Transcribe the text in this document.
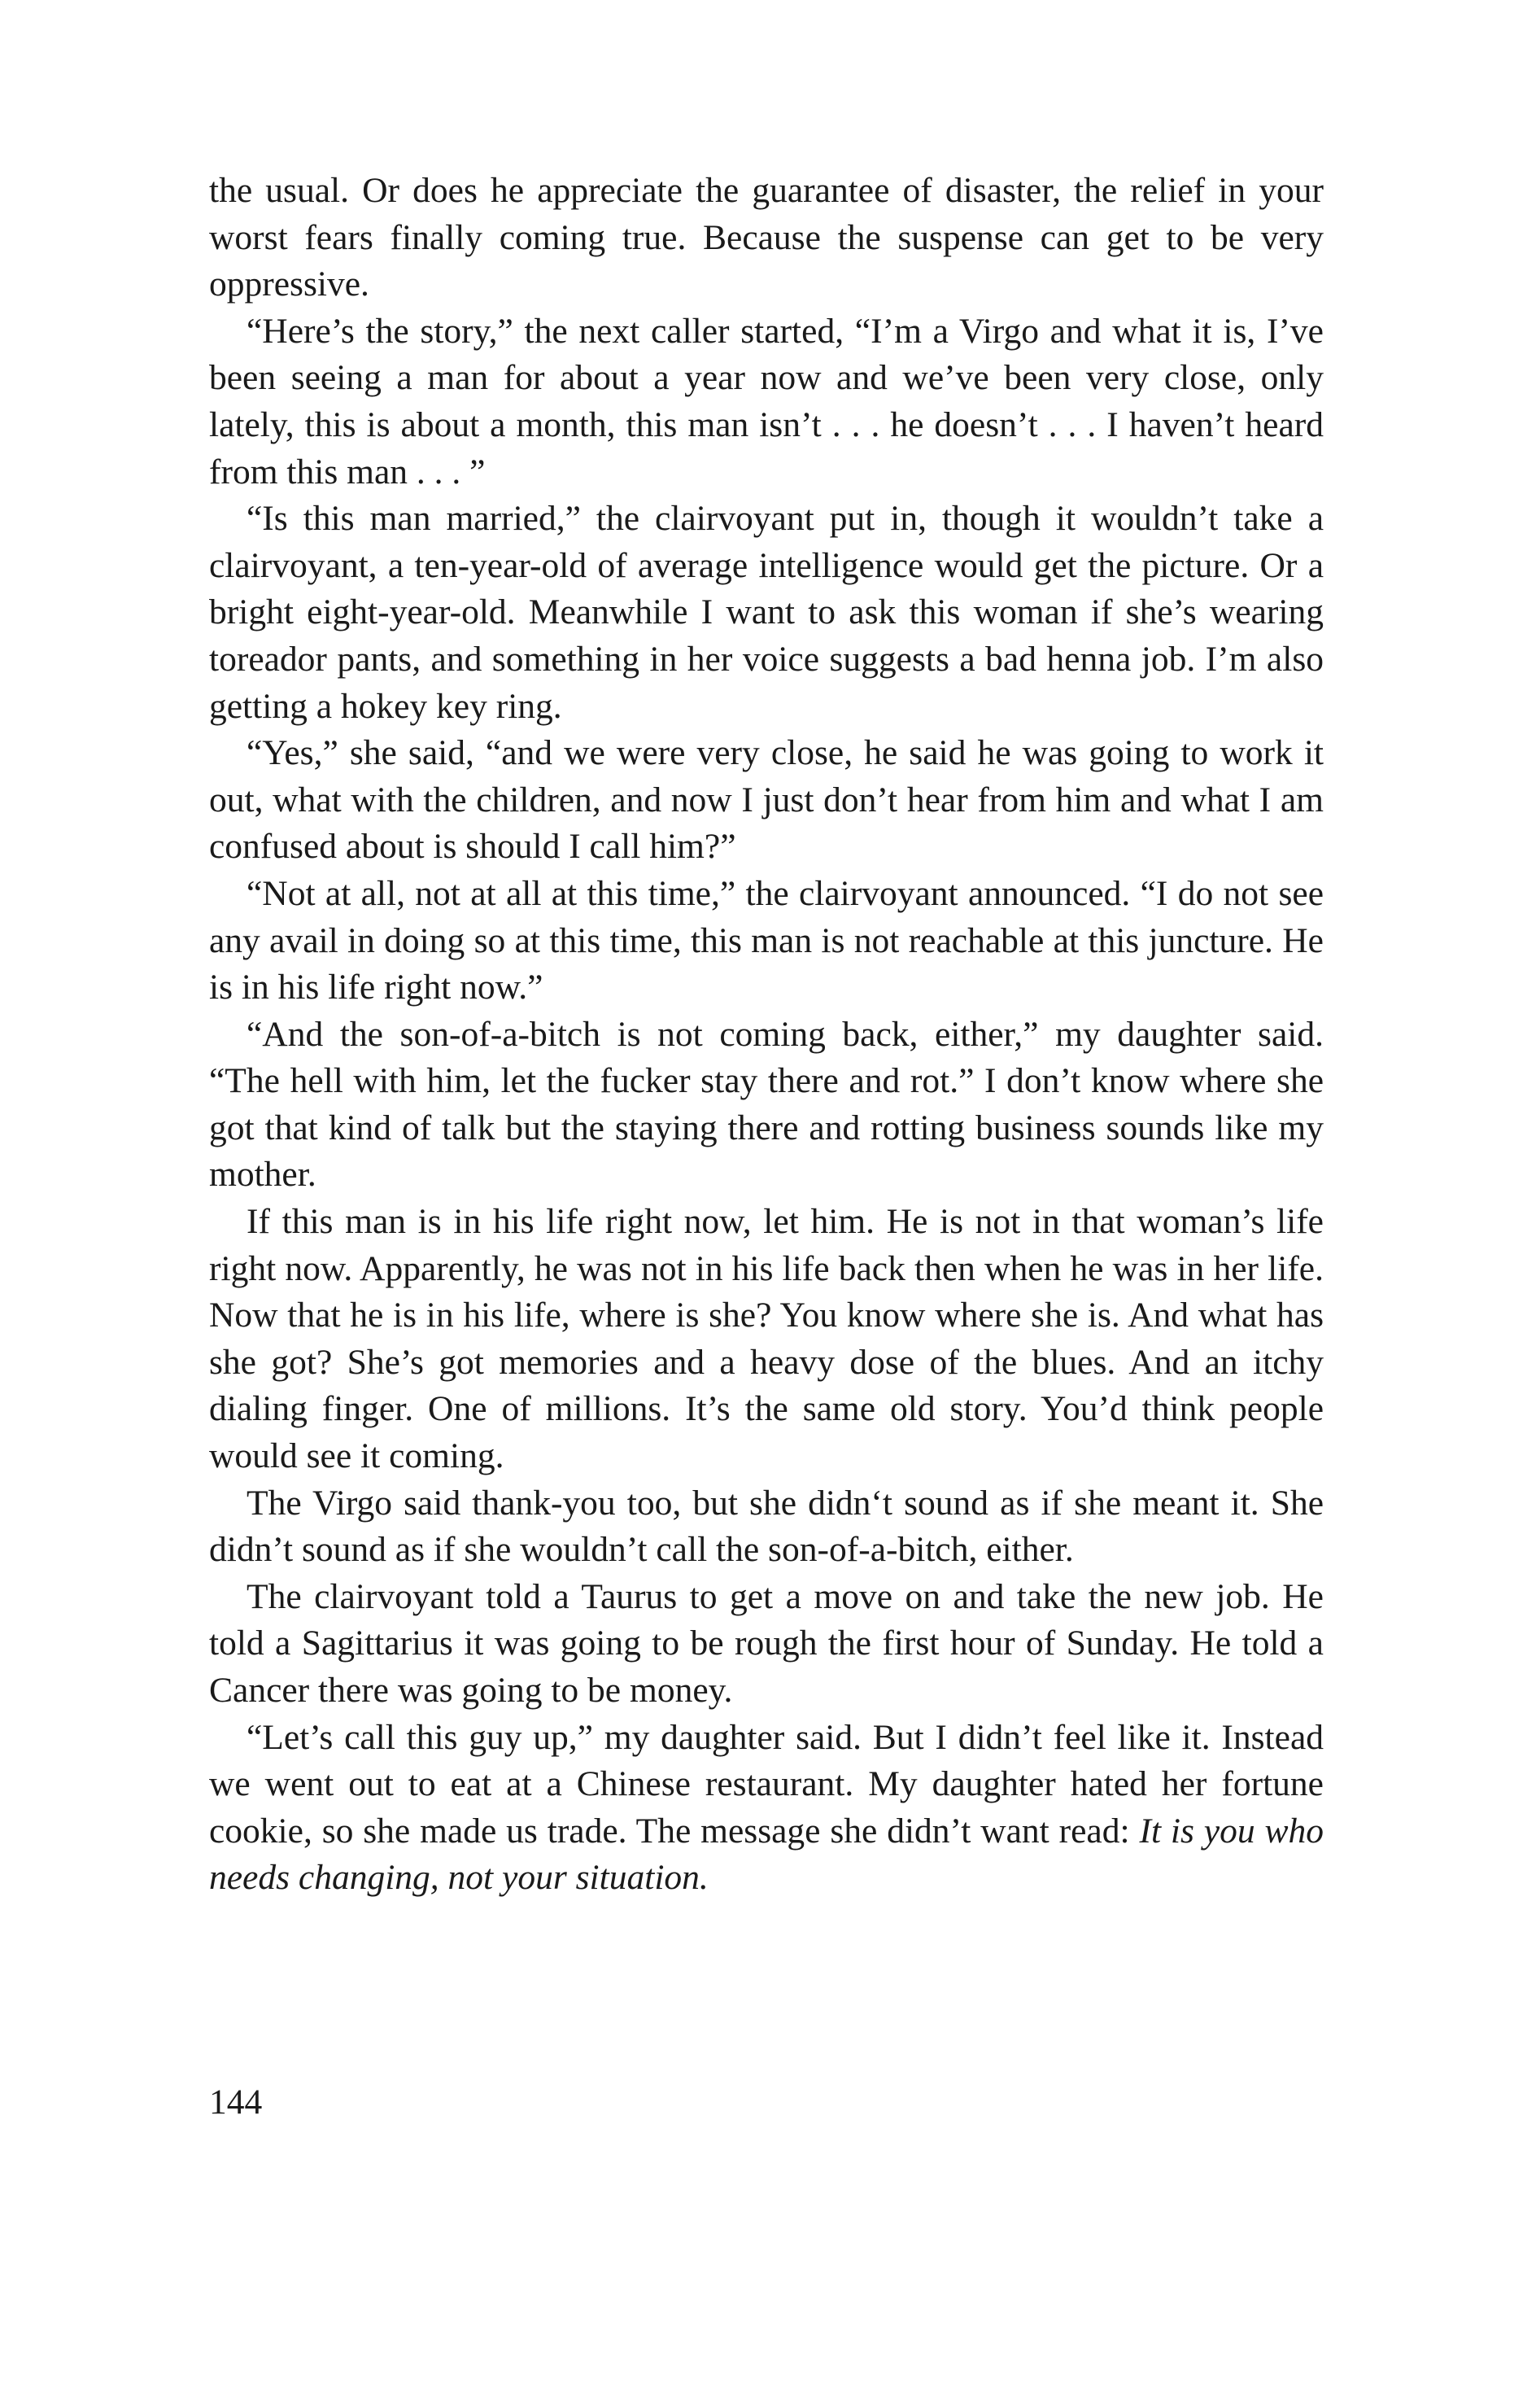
the usual. Or does he appreciate the guarantee of disaster, the relief in your worst fears finally coming true. Because the suspense can get to be very oppressive.

“Here’s the story,” the next caller started, “I’m a Virgo and what it is, I’ve been seeing a man for about a year now and we’ve been very close, only lately, this is about a month, this man isn’t . . . he doesn’t . . . I haven’t heard from this man . . . ”

“Is this man married,” the clairvoyant put in, though it wouldn’t take a clairvoyant, a ten-year-old of average intelligence would get the picture. Or a bright eight-year-old. Meanwhile I want to ask this woman if she’s wearing toreador pants, and something in her voice suggests a bad henna job. I’m also getting a hokey key ring.

“Yes,” she said, “and we were very close, he said he was going to work it out, what with the children, and now I just don’t hear from him and what I am confused about is should I call him?”

“Not at all, not at all at this time,” the clairvoyant announced. “I do not see any avail in doing so at this time, this man is not reachable at this juncture. He is in his life right now.”

“And the son-of-a-bitch is not coming back, either,” my daughter said. “The hell with him, let the fucker stay there and rot.” I don’t know where she got that kind of talk but the staying there and rotting business sounds like my mother.

If this man is in his life right now, let him. He is not in that woman’s life right now. Apparently, he was not in his life back then when he was in her life. Now that he is in his life, where is she? You know where she is. And what has she got? She’s got memories and a heavy dose of the blues. And an itchy dialing finger. One of millions. It’s the same old story. You’d think people would see it coming.

The Virgo said thank-you too, but she didn‘t sound as if she meant it. She didn’t sound as if she wouldn’t call the son-of-a-bitch, either.

The clairvoyant told a Taurus to get a move on and take the new job. He told a Sagittarius it was going to be rough the first hour of Sunday. He told a Cancer there was going to be money.

“Let’s call this guy up,” my daughter said. But I didn’t feel like it. Instead we went out to eat at a Chinese restaurant. My daughter hated her fortune cookie, so she made us trade. The message she didn’t want read: It is you who needs changing, not your situation.

144
